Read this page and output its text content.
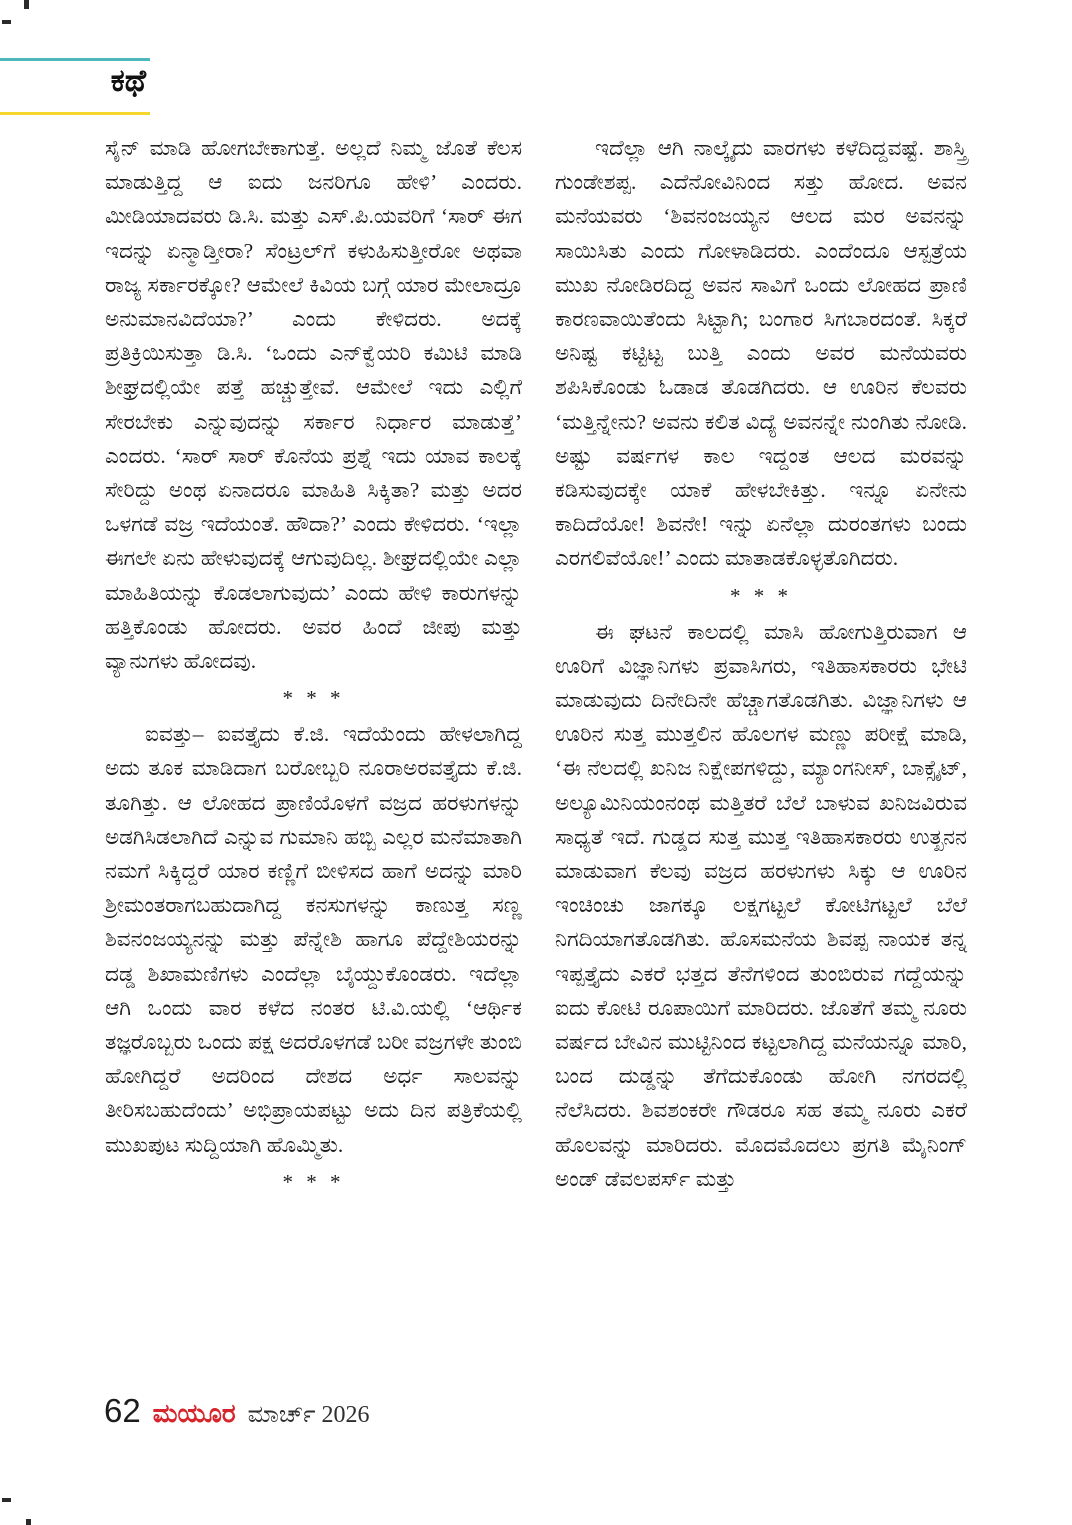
ಕಥೆ

ಸೈನ್ ಮಾಡಿ ಹೋಗಬೇಕಾಗುತ್ತೆ. ಅಲ್ಲದೆ ನಿಮ್ಮ ಜೊತೆ ಕೆಲಸ ಮಾಡುತ್ತಿದ್ದ ಆ ಐದು ಜನರಿಗೂ ಹೇಳಿ’ ಎಂದರು. ಮೀಡಿಯಾದವರು ಡಿ.ಸಿ. ಮತ್ತು ಎಸ್.ಪಿ.ಯವರಿಗೆ ‘ಸಾರ್ ಈಗ ಇದನ್ನು ಏನ್ಮಾಡ್ತೀರಾ? ಸೆಂಟ್ರಲ್‌ಗೆ ಕಳುಹಿಸುತ್ತೀರೋ ಅಥವಾ ರಾಜ್ಯ ಸರ್ಕಾರಕ್ಕೋ? ಆಮೇಲೆ ಕಿವಿಯ ಬಗ್ಗೆ ಯಾರ ಮೇಲಾದ್ರೂ ಅನುಮಾನವಿದೆಯಾ?’ ಎಂದು ಕೇಳಿದರು. ಅದಕ್ಕೆ ಪ್ರತಿಕ್ರಿಯಿಸುತ್ತಾ ಡಿ.ಸಿ. ‘ಒಂದು ಎನ್‌ಕ್ವೆಯರಿ ಕಮಿಟಿ ಮಾಡಿ ಶೀಘ್ರದಲ್ಲಿಯೇ ಪತ್ತೆ ಹಚ್ಚುತ್ತೇವೆ. ಆಮೇಲೆ ಇದು ಎಲ್ಲಿಗೆ ಸೇರಬೇಕು ಎನ್ನುವುದನ್ನು ಸರ್ಕಾರ ನಿರ್ಧಾರ ಮಾಡುತ್ತೆ’ ಎಂದರು. ‘ಸಾರ್ ಸಾರ್ ಕೊನೆಯ ಪ್ರಶ್ನೆ ಇದು ಯಾವ ಕಾಲಕ್ಕೆ ಸೇರಿದ್ದು ಅಂಥ ಏನಾದರೂ ಮಾಹಿತಿ ಸಿಕ್ಕಿತಾ? ಮತ್ತು ಅದರ ಒಳಗಡೆ ವಜ್ರ ಇದೆಯಂತೆ. ಹೌದಾ?’ ಎಂದು ಕೇಳಿದರು. ‘ಇಲ್ಲಾ ಈಗಲೇ ಏನು ಹೇಳುವುದಕ್ಕೆ ಆಗುವುದಿಲ್ಲ. ಶೀಘ್ರದಲ್ಲಿಯೇ ಎಲ್ಲಾ ಮಾಹಿತಿಯನ್ನು ಕೊಡಲಾಗುವುದು’ ಎಂದು ಹೇಳಿ ಕಾರುಗಳನ್ನು ಹತ್ತಿಕೊಂಡು ಹೋದರು. ಅವರ ಹಿಂದೆ ಜೀಪು ಮತ್ತು ವ್ಯಾನುಗಳು ಹೋದವು.

* * *

ಐವತ್ತು– ಐವತ್ತೈದು ಕೆ.ಜಿ. ಇದೆಯೆಂದು ಹೇಳಲಾಗಿದ್ದ ಅದು ತೂಕ ಮಾಡಿದಾಗ ಬರೋಬ್ಬರಿ ನೂರಾಅರವತ್ತೈದು ಕೆ.ಜಿ. ತೂಗಿತ್ತು. ಆ ಲೋಹದ ಪ್ರಾಣಿಯೊಳಗೆ ವಜ್ರದ ಹರಳುಗಳನ್ನು ಅಡಗಿಸಿಡಲಾಗಿದೆ ಎನ್ನುವ ಗುಮಾನಿ ಹಬ್ಬಿ ಎಲ್ಲರ ಮನೆಮಾತಾಗಿ ನಮಗೆ ಸಿಕ್ಕಿದ್ದರೆ ಯಾರ ಕಣ್ಣಿಗೆ ಬೀಳಿಸದ ಹಾಗೆ ಅದನ್ನು ಮಾರಿ ಶ್ರೀಮಂತರಾಗಬಹುದಾಗಿದ್ದ ಕನಸುಗಳನ್ನು ಕಾಣುತ್ತ ಸಣ್ಣ ಶಿವನಂಜಯ್ಯನನ್ನು ಮತ್ತು ಪೆನ್ನೇಶಿ ಹಾಗೂ ಪೆದ್ದೇಶಿಯರನ್ನು ದಡ್ಡ ಶಿಖಾಮಣಿಗಳು ಎಂದೆಲ್ಲಾ ಬೈಯ್ದುಕೊಂಡರು. ಇದೆಲ್ಲಾ ಆಗಿ ಒಂದು ವಾರ ಕಳೆದ ನಂತರ ಟಿ.ವಿ.ಯಲ್ಲಿ ‘ಆರ್ಥಿಕ ತಜ್ಞರೊಬ್ಬರು ಒಂದು ಪಕ್ಷ ಅದರೊಳಗಡೆ ಬರೀ ವಜ್ರಗಳೇ ತುಂಬಿ ಹೋಗಿದ್ದರೆ ಅದರಿಂದ ದೇಶದ ಅರ್ಧ ಸಾಲವನ್ನು ತೀರಿಸಬಹುದೆಂದು’ ಅಭಿಪ್ರಾಯಪಟ್ಟು ಅದು ದಿನ ಪತ್ರಿಕೆಯಲ್ಲಿ ಮುಖಪುಟ ಸುದ್ದಿಯಾಗಿ ಹೊಮ್ಮಿತು.

* * *

ಇದೆಲ್ಲಾ ಆಗಿ ನಾಲ್ಕೈದು ವಾರಗಳು ಕಳೆದಿದ್ದವಷ್ಟೆ. ಶಾಸ್ತ್ರಿ ಗುಂಡೇಶಪ್ಪ. ಎದೆನೋವಿನಿಂದ ಸತ್ತು ಹೋದ. ಅವನ ಮನೆಯವರು ‘ಶಿವನಂಜಯ್ಯನ ಆಲದ ಮರ ಅವನನ್ನು ಸಾಯಿಸಿತು ಎಂದು ಗೋಳಾಡಿದರು. ಎಂದೆಂದೂ ಆಸ್ಪತ್ರೆಯ ಮುಖ ನೋಡಿರದಿದ್ದ ಅವನ ಸಾವಿಗೆ ಒಂದು ಲೋಹದ ಪ್ರಾಣಿ ಕಾರಣವಾಯಿತೆಂದು ಸಿಟ್ಟಾಗಿ; ಬಂಗಾರ ಸಿಗಬಾರದಂತೆ. ಸಿಕ್ಕರೆ ಅನಿಷ್ಟ ಕಟ್ಟಿಟ್ಟ ಬುತ್ತಿ ಎಂದು ಅವರ ಮನೆಯವರು ಶಪಿಸಿಕೊಂಡು ಓಡಾಡ ತೊಡಗಿದರು. ಆ ಊರಿನ ಕೆಲವರು ‘ಮತ್ತಿನ್ನೇನು? ಅವನು ಕಲಿತ ವಿದ್ಯೆ ಅವನನ್ನೇ ನುಂಗಿತು ನೋಡಿ. ಅಷ್ಟು ವರ್ಷಗಳ ಕಾಲ ಇದ್ದಂತ ಆಲದ ಮರವನ್ನು ಕಡಿಸುವುದಕ್ಕೇ ಯಾಕೆ ಹೇಳಬೇಕಿತ್ತು. ಇನ್ನೂ ಏನೇನು ಕಾದಿದೆಯೋ! ಶಿವನೇ! ಇನ್ನು ಏನೆಲ್ಲಾ ದುರಂತಗಳು ಬಂದು ಎರಗಲಿವೆಯೋ!’ ಎಂದು ಮಾತಾಡಕೊಳ್ಳತೊಗಿದರು.

* * *

ಈ ಘಟನೆ ಕಾಲದಲ್ಲಿ ಮಾಸಿ ಹೋಗುತ್ತಿರುವಾಗ ಆ ಊರಿಗೆ ವಿಜ್ಞಾನಿಗಳು ಪ್ರವಾಸಿಗರು, ಇತಿಹಾಸಕಾರರು ಭೇಟಿ ಮಾಡುವುದು ದಿನೇದಿನೇ ಹೆಚ್ಚಾಗತೊಡಗಿತು. ವಿಜ್ಞಾನಿಗಳು ಆ ಊರಿನ ಸುತ್ತ ಮುತ್ತಲಿನ ಹೊಲಗಳ ಮಣ್ಣು ಪರೀಕ್ಷೆ ಮಾಡಿ, ‘ಈ ನೆಲದಲ್ಲಿ ಖನಿಜ ನಿಕ್ಷೇಪಗಳಿದ್ದು, ಮ್ಯಾಂಗನೀಸ್, ಬಾಕ್ಸೈಟ್, ಅಲ್ಯೂಮಿನಿಯಂನಂಥ ಮತ್ತಿತರೆ ಬೆಲೆ ಬಾಳುವ ಖನಿಜವಿರುವ ಸಾಧ್ಯತೆ ಇದೆ. ಗುಡ್ಡದ ಸುತ್ತ ಮುತ್ತ ಇತಿಹಾಸಕಾರರು ಉತ್ಖನನ ಮಾಡುವಾಗ ಕೆಲವು ವಜ್ರದ ಹರಳುಗಳು ಸಿಕ್ಕು ಆ ಊರಿನ ಇಂಚಿಂಚು ಜಾಗಕ್ಕೂ ಲಕ್ಷಗಟ್ಟಲೆ ಕೋಟಿಗಟ್ಟಲೆ ಬೆಲೆ ನಿಗದಿಯಾಗತೊಡಗಿತು. ಹೊಸಮನೆಯ ಶಿವಪ್ಪ ನಾಯಕ ತನ್ನ ಇಪ್ಪತ್ತೈದು ಎಕರೆ ಭತ್ತದ ತೆನೆಗಳಿಂದ ತುಂಬಿರುವ ಗದ್ದೆಯನ್ನು ಐದು ಕೋಟಿ ರೂಪಾಯಿಗೆ ಮಾರಿದರು. ಜೊತೆಗೆ ತಮ್ಮ ನೂರು ವರ್ಷದ ಬೇವಿನ ಮುಟ್ಟಿನಿಂದ ಕಟ್ಟಲಾಗಿದ್ದ ಮನೆಯನ್ನೂ ಮಾರಿ, ಬಂದ ದುಡ್ಡನ್ನು ತೆಗೆದುಕೊಂಡು ಹೋಗಿ ನಗರದಲ್ಲಿ ನೆಲೆಸಿದರು. ಶಿವಶಂಕರೇ ಗೌಡರೂ ಸಹ ತಮ್ಮ ನೂರು ಎಕರೆ ಹೊಲವನ್ನು ಮಾರಿದರು. ಮೊದಮೊದಲು ಪ್ರಗತಿ ಮೈನಿಂಗ್ ಅಂಡ್ ಡೆವಲಪರ್ಸ್ ಮತ್ತು

62 ಮಯೂರ ಮಾರ್ಚ್ 2026
